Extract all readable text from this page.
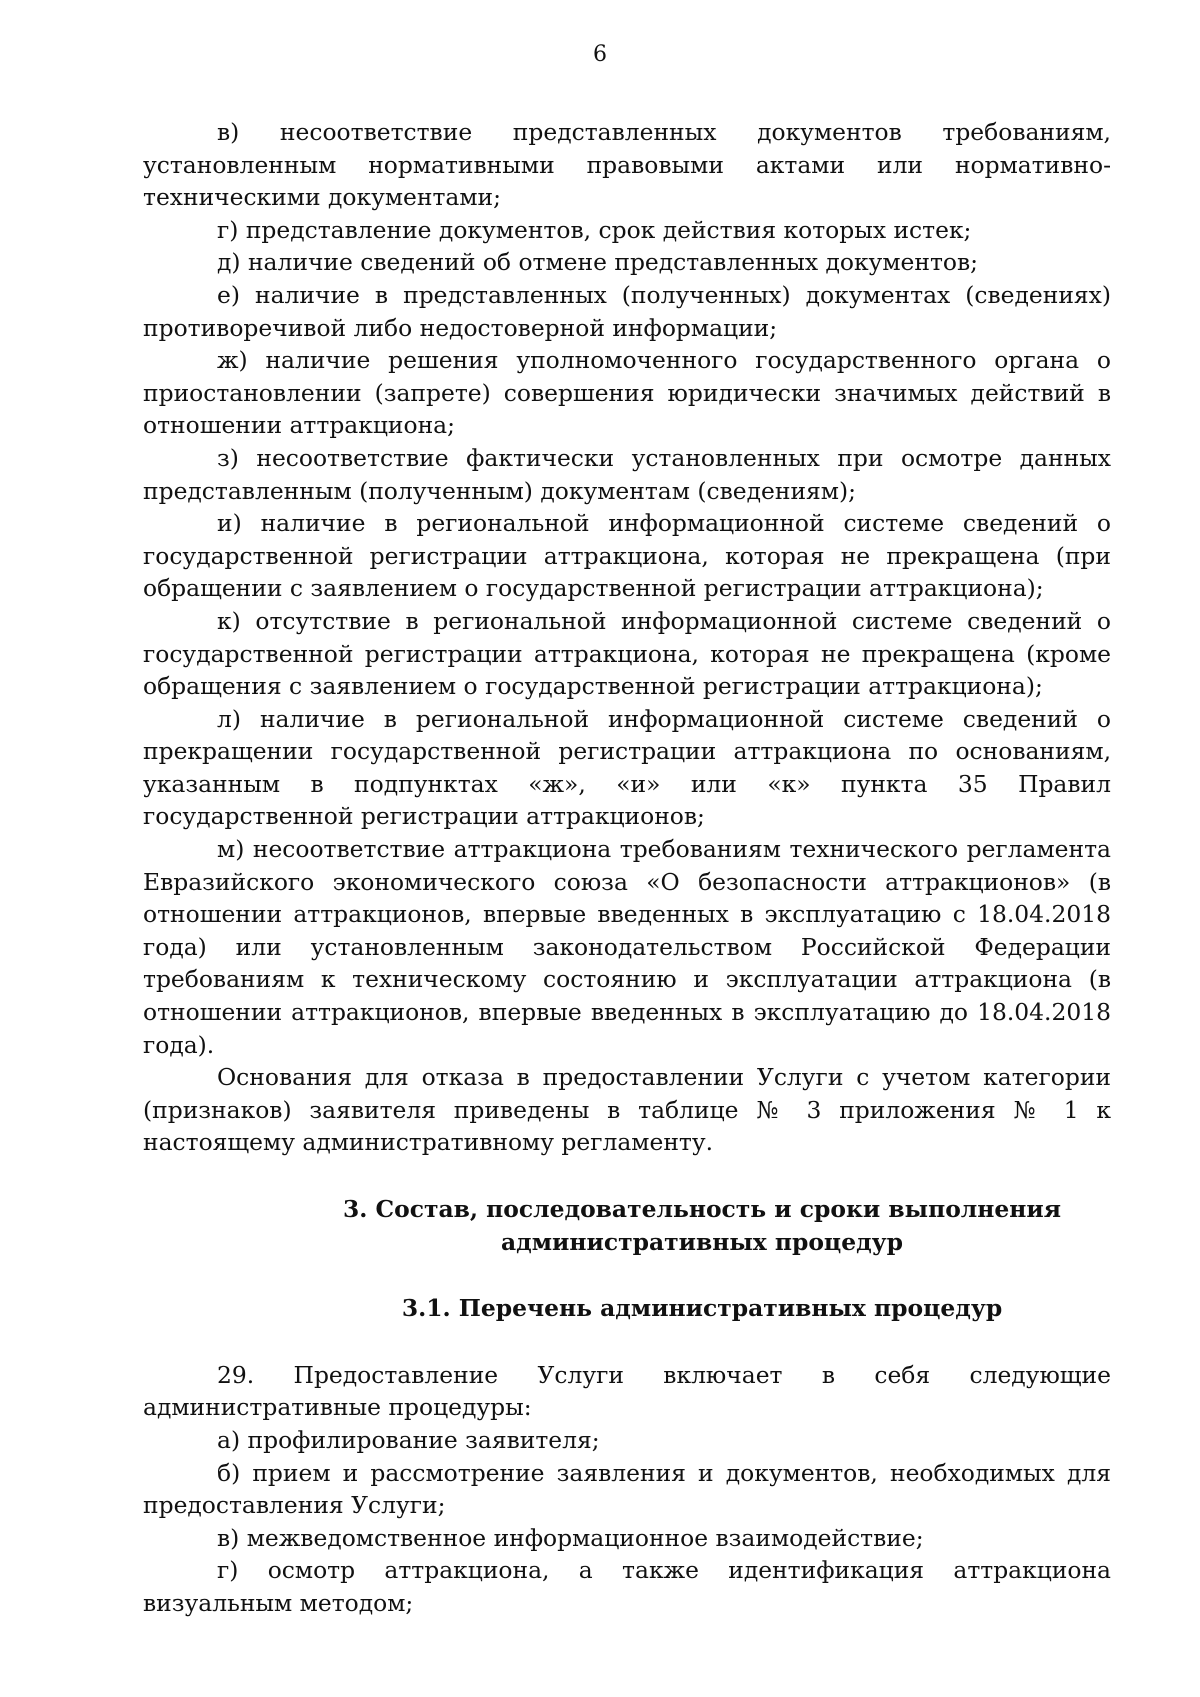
6

в) несоответствие представленных документов требованиям, установленным нормативными правовыми актами или нормативно-техническими документами;

г) представление документов, срок действия которых истек;

д) наличие сведений об отмене представленных документов;

е) наличие в представленных (полученных) документах (сведениях) противоречивой либо недостоверной информации;

ж) наличие решения уполномоченного государственного органа о приостановлении (запрете) совершения юридически значимых действий в отношении аттракциона;

з) несоответствие фактически установленных при осмотре данных представленным (полученным) документам (сведениям);

и) наличие в региональной информационной системе сведений о государственной регистрации аттракциона, которая не прекращена (при обращении с заявлением о государственной регистрации аттракциона);

к) отсутствие в региональной информационной системе сведений о государственной регистрации аттракциона, которая не прекращена (кроме обращения с заявлением о государственной регистрации аттракциона);

л) наличие в региональной информационной системе сведений о прекращении государственной регистрации аттракциона по основаниям, указанным в подпунктах «ж», «и» или «к» пункта 35 Правил государственной регистрации аттракционов;

м) несоответствие аттракциона требованиям технического регламента Евразийского экономического союза «О безопасности аттракционов» (в отношении аттракционов, впервые введенных в эксплуатацию с 18.04.2018 года) или установленным законодательством Российской Федерации требованиям к техническому состоянию и эксплуатации аттракциона (в отношении аттракционов, впервые введенных в эксплуатацию до 18.04.2018 года).

Основания для отказа в предоставлении Услуги с учетом категории (признаков) заявителя приведены в таблице № 3 приложения № 1 к настоящему административному регламенту.

3. Состав, последовательность и сроки выполнения
административных процедур
3.1. Перечень административных процедур

29. Предоставление Услуги включает в себя следующие административные процедуры:

а) профилирование заявителя;

б) прием и рассмотрение заявления и документов, необходимых для предоставления Услуги;

в) межведомственное информационное взаимодействие;

г) осмотр аттракциона, а также идентификация аттракциона визуальным методом;
